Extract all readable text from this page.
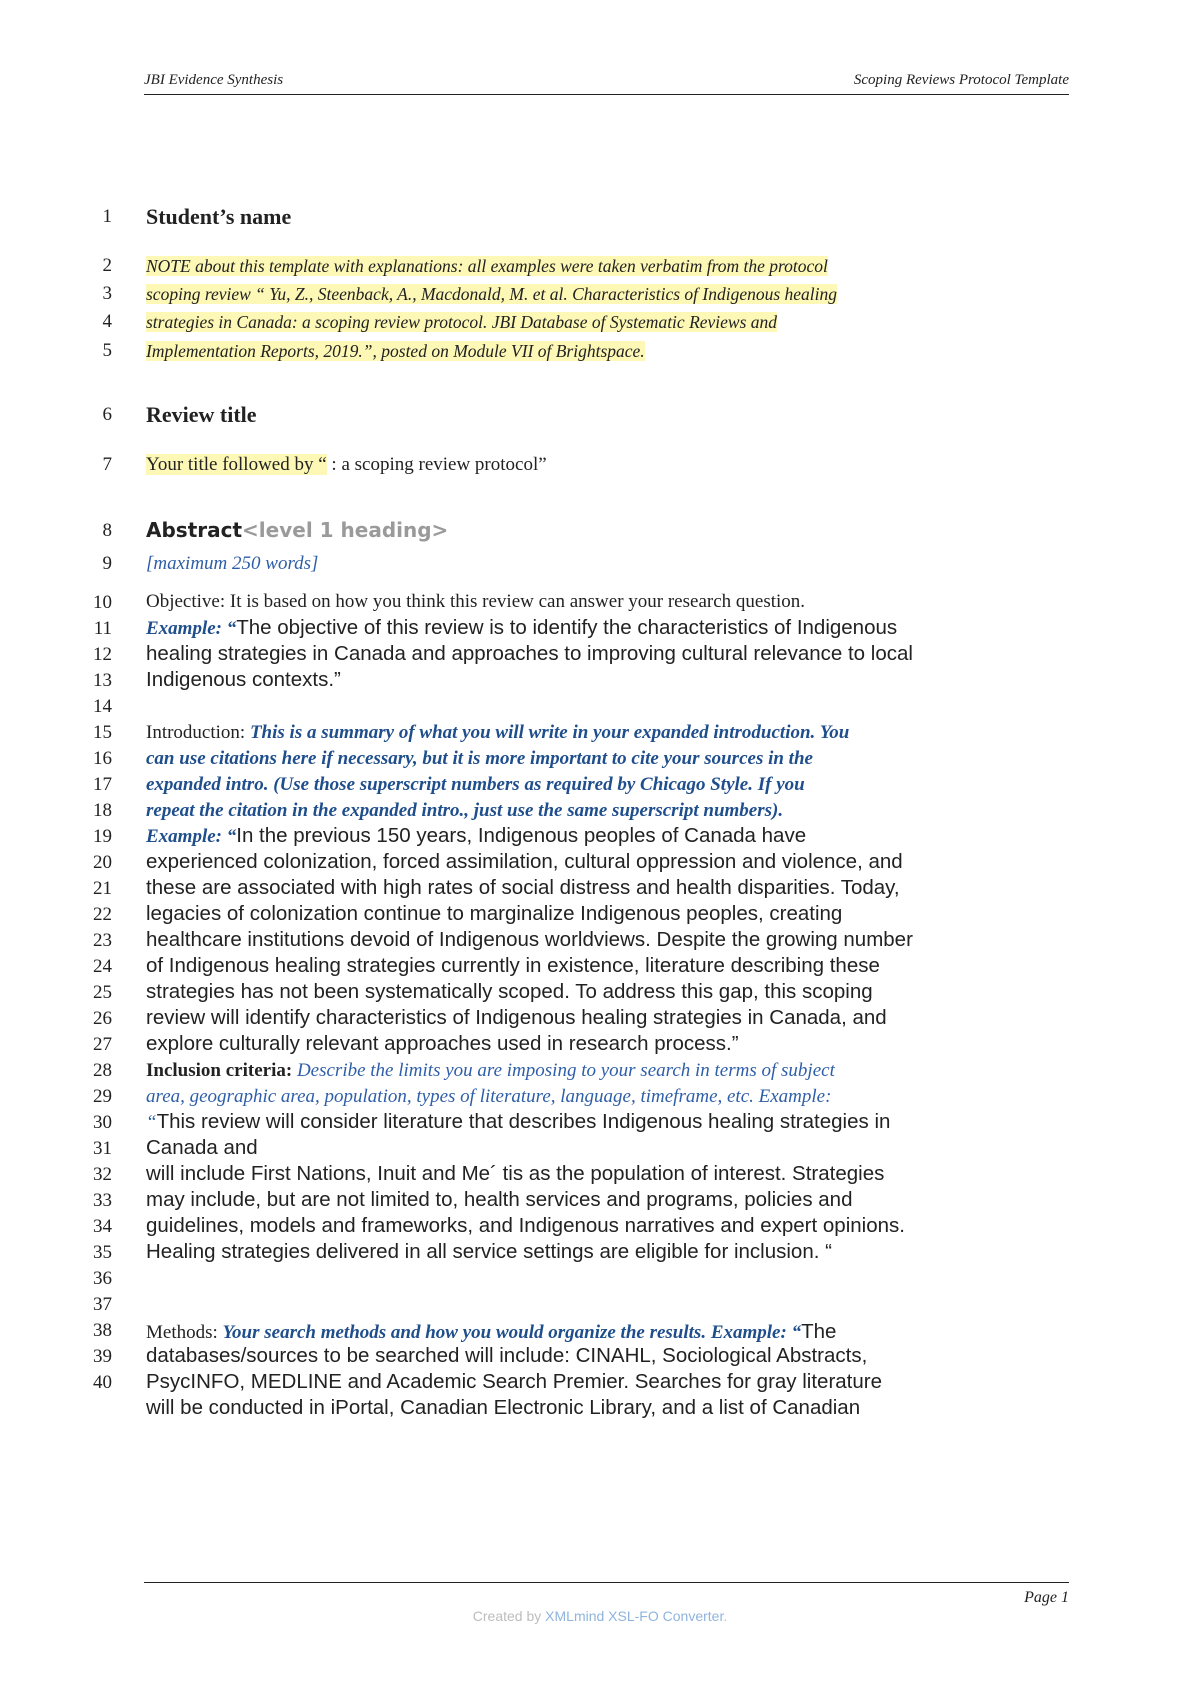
JBI Evidence Synthesis	Scoping Reviews Protocol Template
1
2
3
4
5
6
7
8
9
10
11
12
13
14
15
16
17
18
19
20
21
22
23
24
25
26
27
28
29
30
31
32
33
34
35
36
37
38
39
40
Student’s name
NOTE about this template with explanations: all examples were taken verbatim from the protocol
scoping review “ Yu, Z., Steenback, A., Macdonald, M. et al. Characteristics of Indigenous healing
strategies in Canada: a scoping review protocol. JBI Database of Systematic Reviews and
Implementation Reports, 2019.”, posted on Module VII of Brightspace.
Review title
Your title followed by “ : a scoping review protocol”
Abstract<level 1 heading>
[maximum 250 words]
Objective: It is based on how you think this review can answer your research question.
Example: “The objective of this review is to identify the characteristics of Indigenous
healing strategies in Canada and approaches to improving cultural relevance to local
Indigenous contexts.”
Introduction: This is a summary of what you will write in your expanded introduction. You
can use citations here if necessary, but it is more important to cite your sources in the
expanded intro. (Use those superscript numbers as required by Chicago Style. If you
repeat the citation in the expanded intro., just use the same superscript numbers).
Example: “In the previous 150 years, Indigenous peoples of Canada have
experienced colonization, forced assimilation, cultural oppression and violence, and
these are associated with high rates of social distress and health disparities. Today,
legacies of colonization continue to marginalize Indigenous peoples, creating
healthcare institutions devoid of Indigenous worldviews. Despite the growing number
of Indigenous healing strategies currently in existence, literature describing these
strategies has not been systematically scoped. To address this gap, this scoping
review will identify characteristics of Indigenous healing strategies in Canada, and
explore culturally relevant approaches used in research process.”
Inclusion criteria: Describe the limits you are imposing to your search in terms of subject
area, geographic area, population, types of literature, language, timeframe, etc. Example:
“This review will consider literature that describes Indigenous healing strategies in
Canada and
will include First Nations, Inuit and Me´ tis as the population of interest. Strategies
may include, but are not limited to, health services and programs, policies and
guidelines, models and frameworks, and Indigenous narratives and expert opinions.
Healing strategies delivered in all service settings are eligible for inclusion. “
Methods: Your search methods and how you would organize the results. Example: “The
databases/sources to be searched will include: CINAHL, Sociological Abstracts,
PsycINFO, MEDLINE and Academic Search Premier. Searches for gray literature
will be conducted in iPortal, Canadian Electronic Library, and a list of Canadian
Page 1
Created by XMLmind XSL-FO Converter.
